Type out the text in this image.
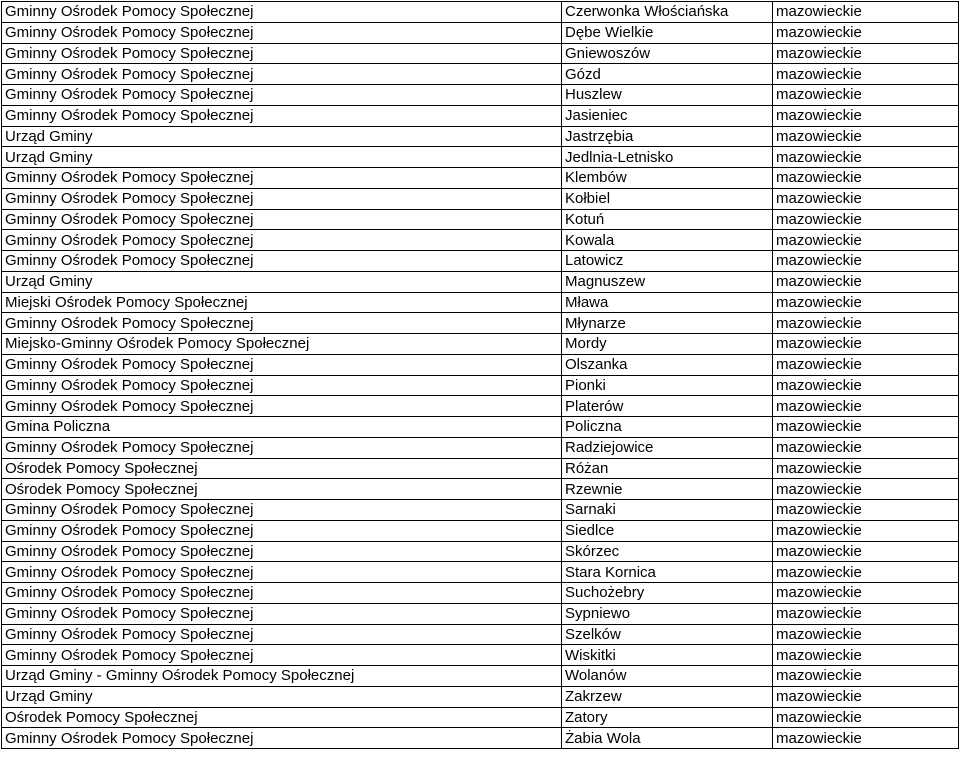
Gminny Ośrodek Pomocy Społecznej	Czerwonka Włościańska	mazowieckie
Gminny Ośrodek Pomocy Społecznej	Dębe Wielkie	mazowieckie
Gminny Ośrodek Pomocy Społecznej	Gniewoszów	mazowieckie
Gminny Ośrodek Pomocy Społecznej	Gózd	mazowieckie
Gminny Ośrodek Pomocy Społecznej	Huszlew	mazowieckie
Gminny Ośrodek Pomocy Społecznej	Jasieniec	mazowieckie
Urząd Gminy	Jastrzębia	mazowieckie
Urząd Gminy	Jedlnia-Letnisko	mazowieckie
Gminny Ośrodek Pomocy Społecznej	Klembów	mazowieckie
Gminny Ośrodek Pomocy Społecznej	Kołbiel	mazowieckie
Gminny Ośrodek Pomocy Społecznej	Kotuń	mazowieckie
Gminny Ośrodek Pomocy Społecznej	Kowala	mazowieckie
Gminny Ośrodek Pomocy Społecznej	Latowicz	mazowieckie
Urząd Gminy	Magnuszew	mazowieckie
Miejski Ośrodek Pomocy Społecznej	Mława	mazowieckie
Gminny Ośrodek Pomocy Społecznej	Młynarze	mazowieckie
Miejsko-Gminny Ośrodek Pomocy Społecznej	Mordy	mazowieckie
Gminny Ośrodek Pomocy Społecznej	Olszanka	mazowieckie
Gminny Ośrodek Pomocy Społecznej	Pionki	mazowieckie
Gminny Ośrodek Pomocy Społecznej	Platerów	mazowieckie
Gmina Policzna	Policzna	mazowieckie
Gminny Ośrodek Pomocy Społecznej	Radziejowice	mazowieckie
Ośrodek Pomocy Społecznej	Różan	mazowieckie
Ośrodek Pomocy Społecznej	Rzewnie	mazowieckie
Gminny Ośrodek Pomocy Społecznej	Sarnaki	mazowieckie
Gminny Ośrodek Pomocy Społecznej	Siedlce	mazowieckie
Gminny Ośrodek Pomocy Społecznej	Skórzec	mazowieckie
Gminny Ośrodek Pomocy Społecznej	Stara Kornica	mazowieckie
Gminny Ośrodek Pomocy Społecznej	Suchożebry	mazowieckie
Gminny Ośrodek Pomocy Społecznej	Sypniewo	mazowieckie
Gminny Ośrodek Pomocy Społecznej	Szelków	mazowieckie
Gminny Ośrodek Pomocy Społecznej	Wiskitki	mazowieckie
Urząd Gminy - Gminny Ośrodek Pomocy Społecznej	Wolanów	mazowieckie
Urząd Gminy	Zakrzew	mazowieckie
Ośrodek Pomocy Społecznej	Zatory	mazowieckie
Gminny Ośrodek Pomocy Społecznej	Żabia Wola	mazowieckie
